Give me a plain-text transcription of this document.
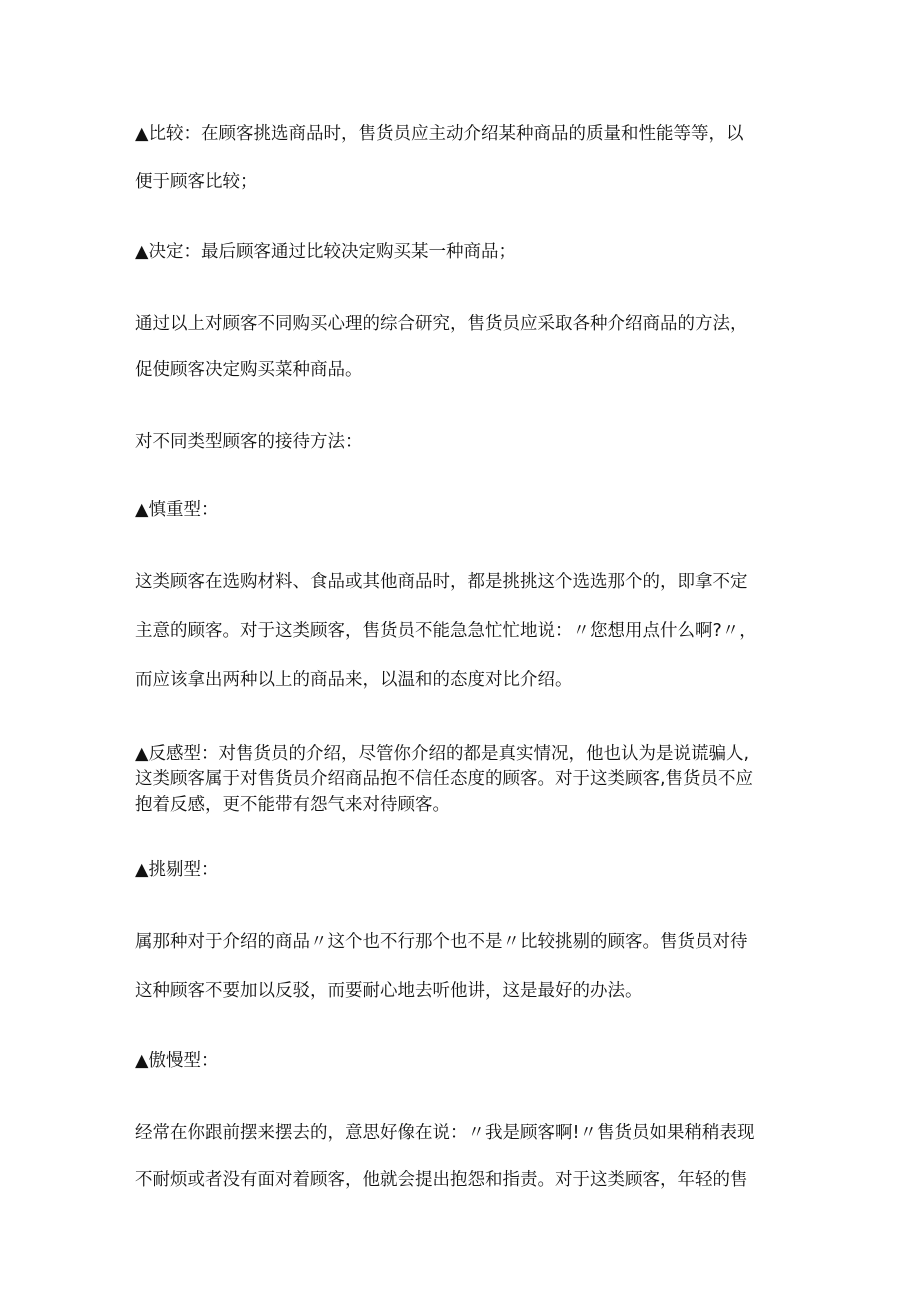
▲比较：在顾客挑选商品时，售货员应主动介绍某种商品的质量和性能等等，以
便于顾客比较；
▲决定：最后顾客通过比较决定购买某一种商品；
通过以上对顾客不同购买心理的综合研究，售货员应采取各种介绍商品的方法，
促使顾客决定购买菜种商品。
对不同类型顾客的接待方法：
▲慎重型：
这类顾客在选购材料、食品或其他商品时，都是挑挑这个选选那个的，即拿不定
主意的顾客。对于这类顾客，售货员不能急急忙忙地说：〃您想用点什么啊?〃，
而应该拿出两种以上的商品来，以温和的态度对比介绍。
▲反感型：对售货员的介绍，尽管你介绍的都是真实情况，他也认为是说谎骗人,
这类顾客属于对售货员介绍商品抱不信任态度的顾客。对于这类顾客,售货员不应
抱着反感，更不能带有怨气来对待顾客。
▲挑剔型：
属那种对于介绍的商品〃这个也不行那个也不是〃比较挑剔的顾客。售货员对待
这种顾客不要加以反驳，而要耐心地去听他讲，这是最好的办法。
▲傲慢型：
经常在你跟前摆来摆去的，意思好像在说：〃我是顾客啊!〃售货员如果稍稍表现
不耐烦或者没有面对着顾客，他就会提出抱怨和指责。对于这类顾客，年轻的售
